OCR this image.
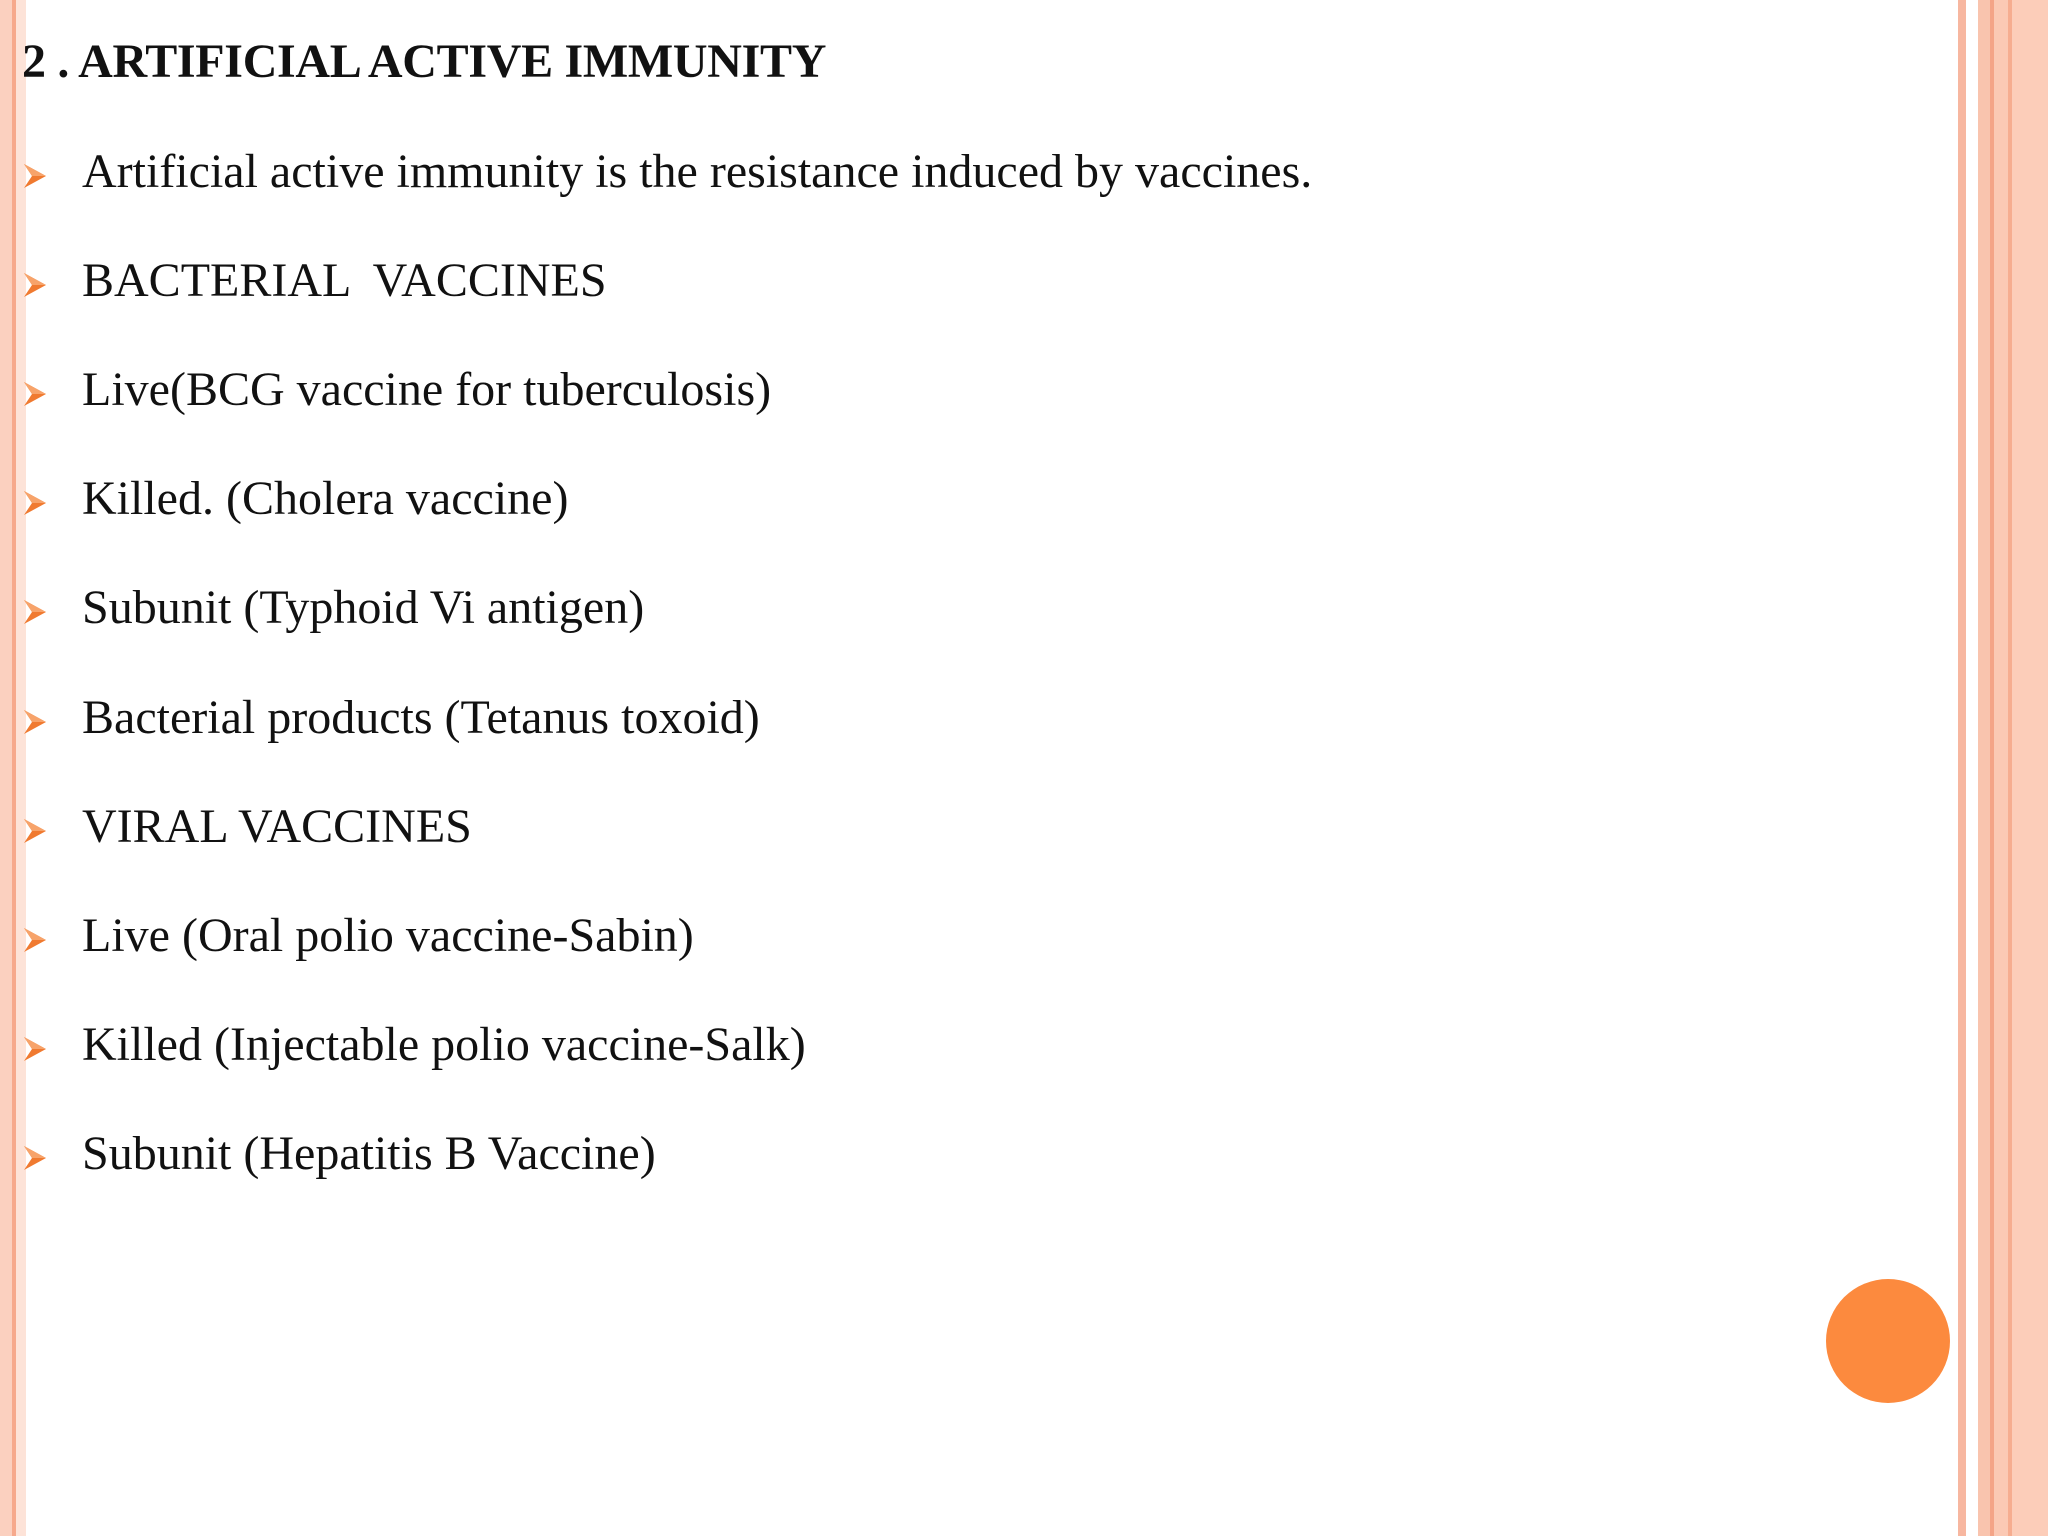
2 . ARTIFICIAL ACTIVE IMMUNITY
Artificial active immunity is the resistance induced by vaccines.
BACTERIAL  VACCINES
Live(BCG vaccine for tuberculosis)
Killed. (Cholera vaccine)
Subunit (Typhoid Vi antigen)
Bacterial products (Tetanus toxoid)
VIRAL VACCINES
Live (Oral polio vaccine-Sabin)
Killed (Injectable polio vaccine-Salk)
Subunit (Hepatitis B Vaccine)
